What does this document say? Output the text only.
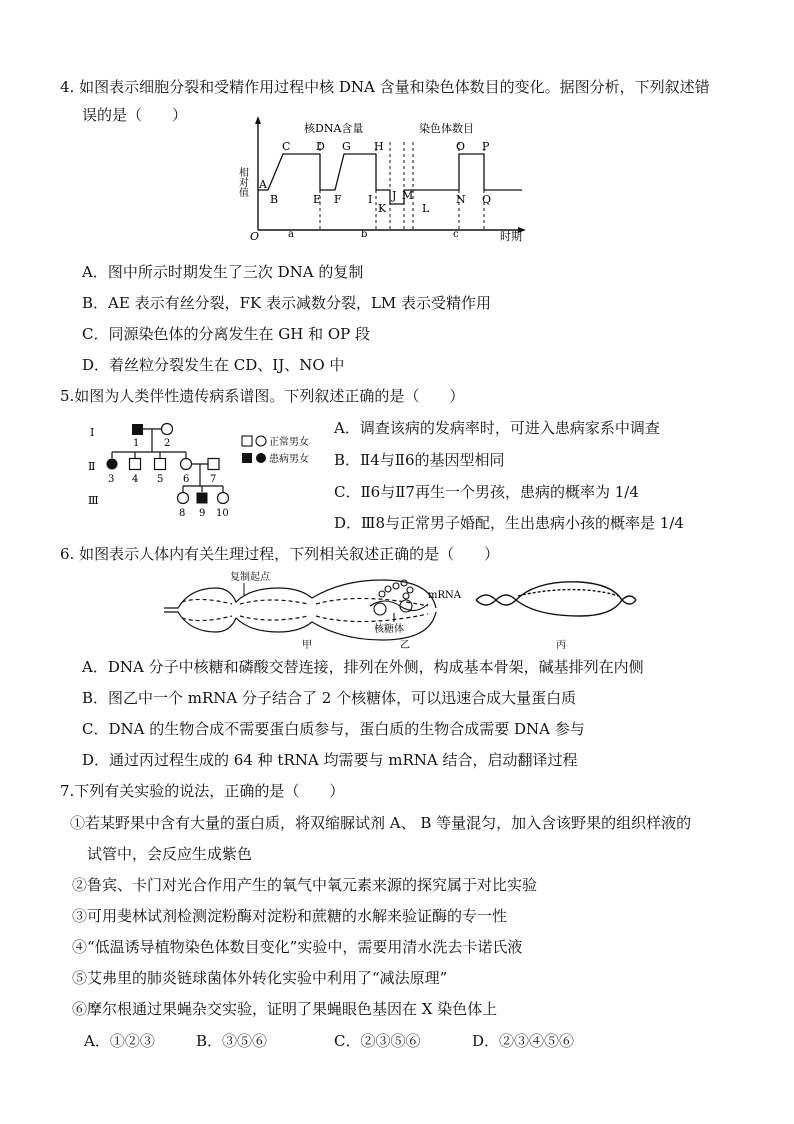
4. 如图表示细胞分裂和受精作用过程中核 DNA 含量和染色体数目的变化。据图分析，下列叙述错
误的是（　　）
核DNA含量	染色体数目
相对值
O	时期
a	b	c
A
B
C D
E F
G H
I J
K	L
M	N
O P
Q
A．图中所示时期发生了三次 DNA 的复制
B．AE 表示有丝分裂，FK 表示减数分裂，LM 表示受精作用
C．同源染色体的分离发生在 GH 和 OP 段
D．着丝粒分裂发生在 CD、IJ、NO 中
5.如图为人类伴性遗传病系谱图。下列叙述正确的是（　　）
I
Ⅱ
Ⅲ
1 2
3 4 5 6 7
8 9 10
正常男女
患病男女
A．调查该病的发病率时，可进入患病家系中调查
B．Ⅱ4与Ⅱ6的基因型相同
C．Ⅱ6与Ⅱ7再生一个男孩，患病的概率为 1/4
D．Ⅲ8与正常男子婚配，生出患病小孩的概率是 1/4
6. 如图表示人体内有关生理过程，下列相关叙述正确的是（　　）
复制起点
甲
mRNA
核糖体
乙	丙
A．DNA 分子中核糖和磷酸交替连接，排列在外侧，构成基本骨架，碱基排列在内侧
B．图乙中一个 mRNA 分子结合了 2 个核糖体，可以迅速合成大量蛋白质
C．DNA 的生物合成不需要蛋白质参与，蛋白质的生物合成需要 DNA 参与
D．通过丙过程生成的 64 种 tRNA 均需要与 mRNA 结合，启动翻译过程
7.下列有关实验的说法，正确的是（　　）
①若某野果中含有大量的蛋白质，将双缩脲试剂 A、 B 等量混匀，加入含该野果的组织样液的
试管中，会反应生成紫色
②鲁宾、卡门对光合作用产生的氧气中氧元素来源的探究属于对比实验
③可用斐林试剂检测淀粉酶对淀粉和蔗糖的水解来验证酶的专一性
④“低温诱导植物染色体数目变化”实验中，需要用清水洗去卡诺氏液
⑤艾弗里的肺炎链球菌体外转化实验中利用了“减法原理”
⑥摩尔根通过果蝇杂交实验，证明了果蝇眼色基因在 X 染色体上
A．①②③	B．③⑤⑥	C．②③⑤⑥	D．②③④⑤⑥
